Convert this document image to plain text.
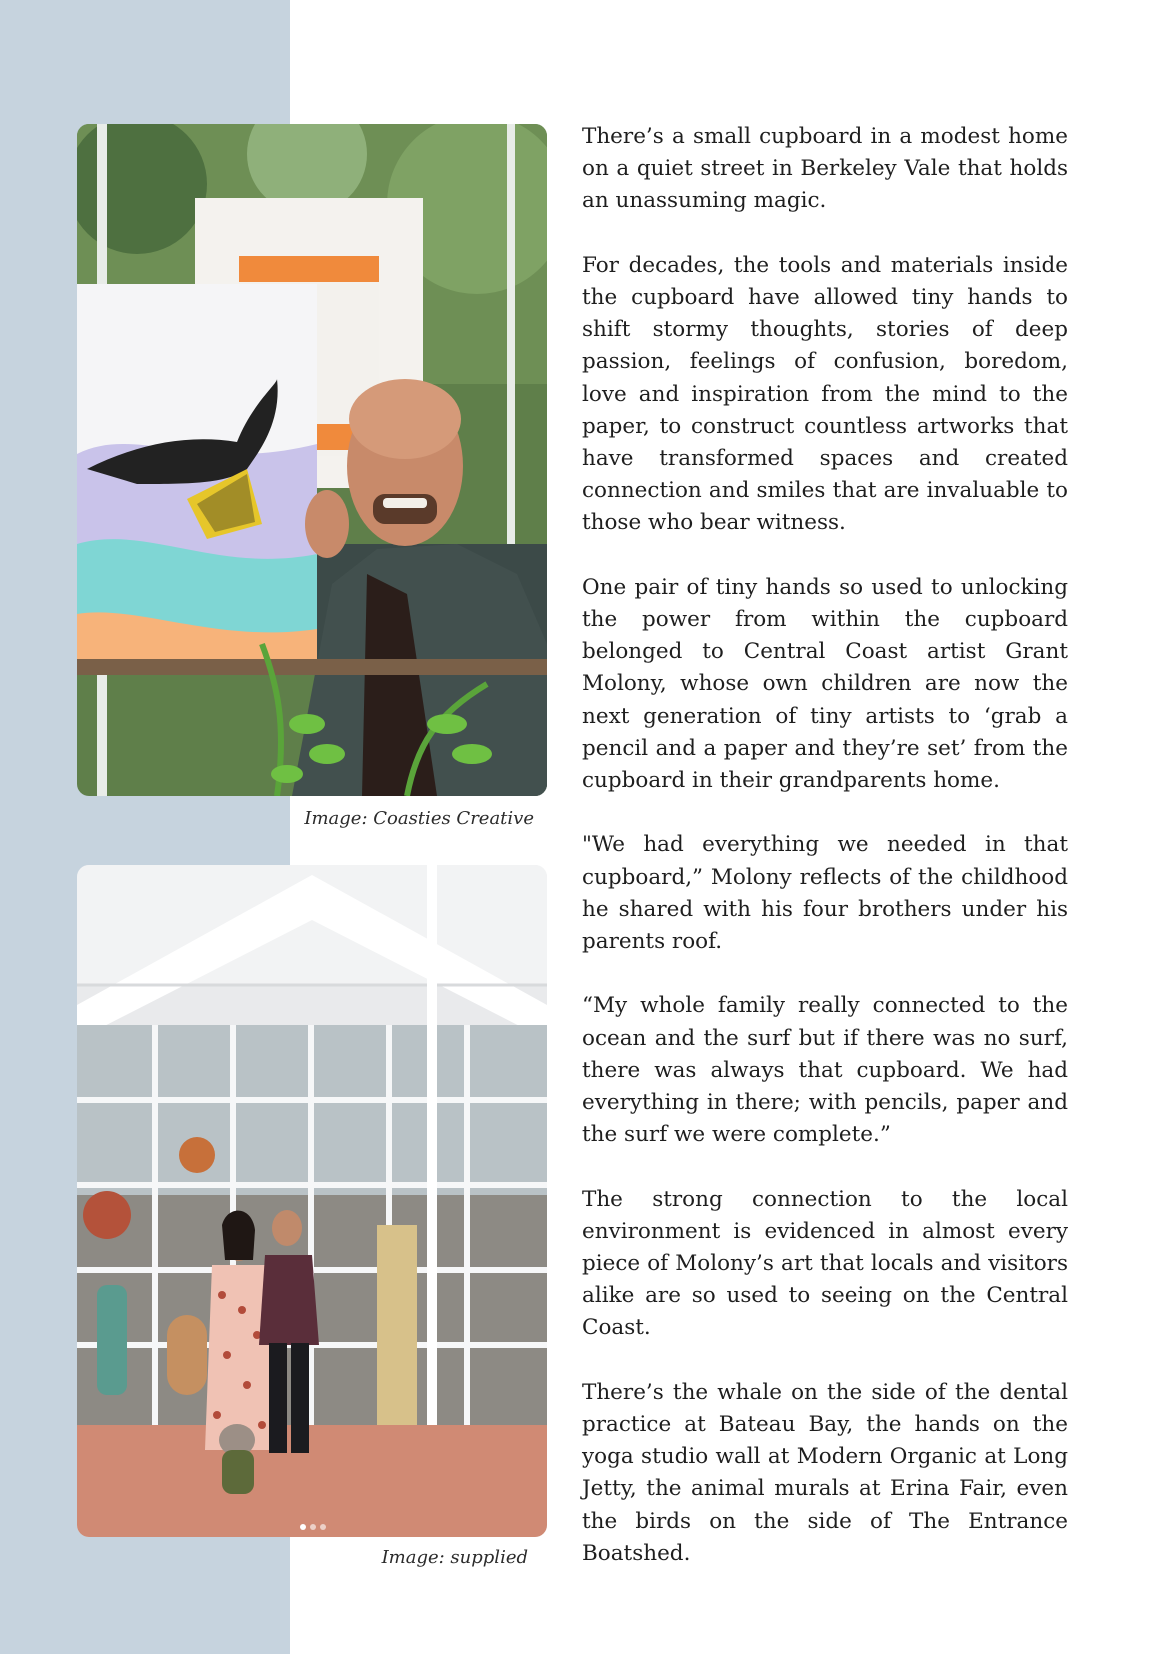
Image: Coasties Creative
Image: supplied

There’s a small cupboard in a modest home on a quiet street in Berkeley Vale that holds an unassuming magic.

For decades, the tools and materials inside the cupboard have allowed tiny hands to shift stormy thoughts, stories of deep passion, feelings of confusion, boredom, love and inspiration from the mind to the paper, to construct countless artworks that have transformed spaces and created connection and smiles that are invaluable to those who bear witness.

One pair of tiny hands so used to unlocking the power from within the cupboard belonged to Central Coast artist Grant Molony, whose own children are now the next generation of tiny artists to ‘grab a pencil and a paper and they’re set’ from the cupboard in their grandparents home.

"We had everything we needed in that cupboard,” Molony reflects of the childhood he shared with his four brothers under his parents roof.

“My whole family really connected to the ocean and the surf but if there was no surf, there was always that cupboard. We had everything in there; with pencils, paper and the surf we were complete.”

The strong connection to the local environment is evidenced in almost every piece of Molony’s art that locals and visitors alike are so used to seeing on the Central Coast.

There’s the whale on the side of the dental practice at Bateau Bay, the hands on the yoga studio wall at Modern Organic at Long Jetty, the animal murals at Erina Fair, even the birds on the side of The Entrance Boatshed.
